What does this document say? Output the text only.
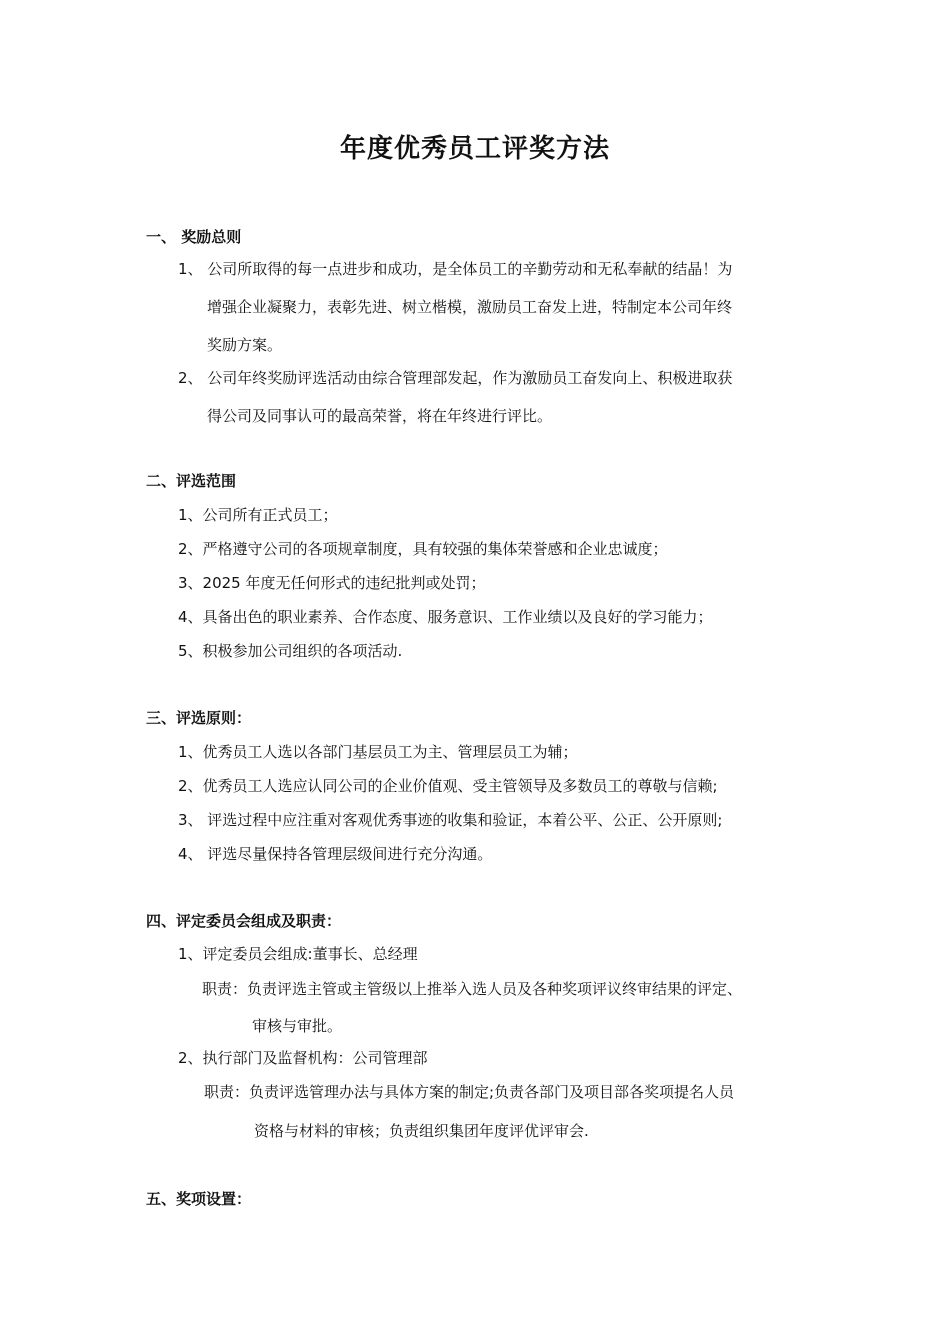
年度优秀员工评奖方法
一、 奖励总则
1、 公司所取得的每一点进步和成功，是全体员工的辛勤劳动和无私奉献的结晶！为
增强企业凝聚力，表彰先进、树立楷模，激励员工奋发上进，特制定本公司年终
奖励方案。
2、 公司年终奖励评选活动由综合管理部发起，作为激励员工奋发向上、积极进取获
得公司及同事认可的最高荣誉，将在年终进行评比。
二、评选范围
1、公司所有正式员工；
2、严格遵守公司的各项规章制度，具有较强的集体荣誉感和企业忠诚度；
3、2025 年度无任何形式的违纪批判或处罚；
4、具备出色的职业素养、合作态度、服务意识、工作业绩以及良好的学习能力；
5、积极参加公司组织的各项活动.
三、评选原则：
1、优秀员工人选以各部门基层员工为主、管理层员工为辅；
2、优秀员工人选应认同公司的企业价值观、受主管领导及多数员工的尊敬与信赖;
3、 评选过程中应注重对客观优秀事迹的收集和验证，本着公平、公正、公开原则;
4、 评选尽量保持各管理层级间进行充分沟通。
四、评定委员会组成及职责：
1、评定委员会组成:董事长、总经理
职责：负责评选主管或主管级以上推举入选人员及各种奖项评议终审结果的评定、
审核与审批。
2、执行部门及监督机构：公司管理部
职责：负责评选管理办法与具体方案的制定;负责各部门及项目部各奖项提名人员
资格与材料的审核；负责组织集团年度评优评审会.
五、奖项设置：
